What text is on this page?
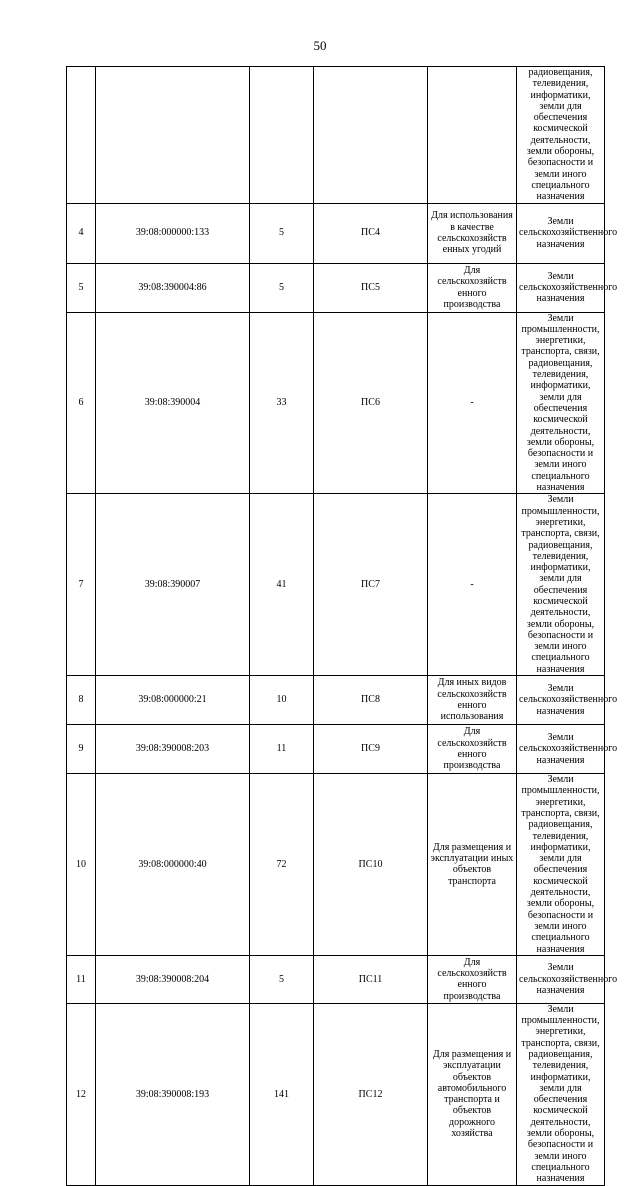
50
					радиовещания, телевидения, информатики, земли для обеспечения космической деятельности, земли обороны, безопасности и земли иного специального назначения
4	39:08:000000:133	5	ПС4	Для использования в качестве сельскохозяйств енных угодий	Земли сельскохозяйственного назначения
5	39:08:390004:86	5	ПС5	Для сельскохозяйств енного производства	Земли сельскохозяйственного назначения
6	39:08:390004	33	ПС6	-	Земли промышленности, энергетики, транспорта, связи, радиовещания, телевидения, информатики, земли для обеспечения космической деятельности, земли обороны, безопасности и земли иного специального назначения
7	39:08:390007	41	ПС7	-	Земли промышленности, энергетики, транспорта, связи, радиовещания, телевидения, информатики, земли для обеспечения космической деятельности, земли обороны, безопасности и земли иного специального назначения
8	39:08:000000:21	10	ПС8	Для иных видов сельскохозяйств енного использования	Земли сельскохозяйственного назначения
9	39:08:390008:203	11	ПС9	Для сельскохозяйств енного производства	Земли сельскохозяйственного назначения
10	39:08:000000:40	72	ПС10	Для размещения и эксплуатации иных объектов транспорта	Земли промышленности, энергетики, транспорта, связи, радиовещания, телевидения, информатики, земли для обеспечения космической деятельности, земли обороны, безопасности и земли иного специального назначения
11	39:08:390008:204	5	ПС11	Для сельскохозяйств енного производства	Земли сельскохозяйственного назначения
12	39:08:390008:193	141	ПС12	Для размещения и эксплуатации объектов автомобильного транспорта и объектов дорожного хозяйства	Земли промышленности, энергетики, транспорта, связи, радиовещания, телевидения, информатики, земли для обеспечения космической деятельности, земли обороны, безопасности и земли иного специального назначения
